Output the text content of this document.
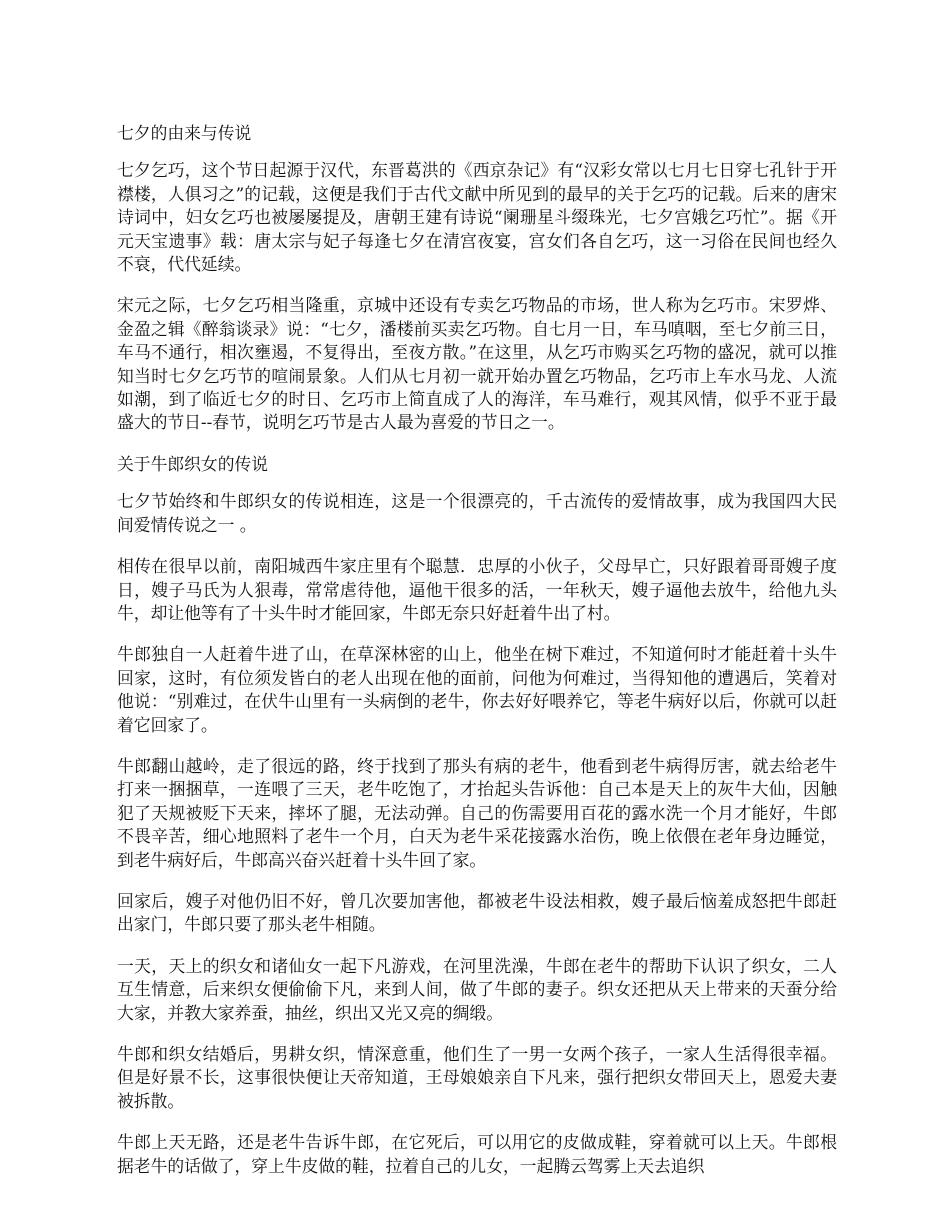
七夕的由来与传说

七夕乞巧，这个节日起源于汉代，东晋葛洪的《西京杂记》有“汉彩女常以七月七日穿七孔针于开襟楼，人俱习之”的记载，这便是我们于古代文献中所见到的最早的关于乞巧的记载。后来的唐宋诗词中，妇女乞巧也被屡屡提及，唐朝王建有诗说“阑珊星斗缀珠光，七夕宫娥乞巧忙”。据《开元天宝遗事》载：唐太宗与妃子每逢七夕在清宫夜宴，宫女们各自乞巧，这一习俗在民间也经久不衰，代代延续。

宋元之际，七夕乞巧相当隆重，京城中还设有专卖乞巧物品的市场，世人称为乞巧市。宋罗烨、金盈之辑《醉翁谈录》说：“七夕，潘楼前买卖乞巧物。自七月一日，车马嗔咽，至七夕前三日，车马不通行，相次壅遏，不复得出，至夜方散。”在这里，从乞巧市购买乞巧物的盛况，就可以推知当时七夕乞巧节的喧闹景象。人们从七月初一就开始办置乞巧物品，乞巧市上车水马龙、人流如潮，到了临近七夕的时日、乞巧市上简直成了人的海洋，车马难行，观其风情，似乎不亚于最盛大的节日--春节，说明乞巧节是古人最为喜爱的节日之一。

关于牛郎织女的传说

七夕节始终和牛郎织女的传说相连，这是一个很漂亮的，千古流传的爱情故事，成为我国四大民间爱情传说之一 。

相传在很早以前，南阳城西牛家庄里有个聪慧．忠厚的小伙子，父母早亡，只好跟着哥哥嫂子度日，嫂子马氏为人狠毒，常常虐待他，逼他干很多的活，一年秋天，嫂子逼他去放牛，给他九头牛，却让他等有了十头牛时才能回家，牛郎无奈只好赶着牛出了村。

牛郎独自一人赶着牛进了山，在草深林密的山上，他坐在树下难过，不知道何时才能赶着十头牛回家，这时，有位须发皆白的老人出现在他的面前，问他为何难过，当得知他的遭遇后，笑着对他说：“别难过，在伏牛山里有一头病倒的老牛，你去好好喂养它，等老牛病好以后，你就可以赶着它回家了。

牛郎翻山越岭，走了很远的路，终于找到了那头有病的老牛，他看到老牛病得厉害，就去给老牛打来一捆捆草，一连喂了三天，老牛吃饱了，才抬起头告诉他：自己本是天上的灰牛大仙，因触犯了天规被贬下天来，摔坏了腿，无法动弹。自己的伤需要用百花的露水洗一个月才能好，牛郎不畏辛苦，细心地照料了老牛一个月，白天为老牛采花接露水治伤，晚上依偎在老年身边睡觉，到老牛病好后，牛郎高兴奋兴赶着十头牛回了家。

回家后，嫂子对他仍旧不好，曾几次要加害他，都被老牛设法相救，嫂子最后恼羞成怒把牛郎赶出家门，牛郎只要了那头老牛相随。

一天，天上的织女和诸仙女一起下凡游戏，在河里洗澡，牛郎在老牛的帮助下认识了织女，二人互生情意，后来织女便偷偷下凡，来到人间，做了牛郎的妻子。织女还把从天上带来的天蚕分给大家，并教大家养蚕，抽丝，织出又光又亮的绸缎。

牛郎和织女结婚后，男耕女织，情深意重，他们生了一男一女两个孩子，一家人生活得很幸福。但是好景不长，这事很快便让天帝知道，王母娘娘亲自下凡来，强行把织女带回天上，恩爱夫妻被拆散。

牛郎上天无路，还是老牛告诉牛郎，在它死后，可以用它的皮做成鞋，穿着就可以上天。牛郎根据老牛的话做了，穿上牛皮做的鞋，拉着自己的儿女，一起腾云驾雾上天去追织
